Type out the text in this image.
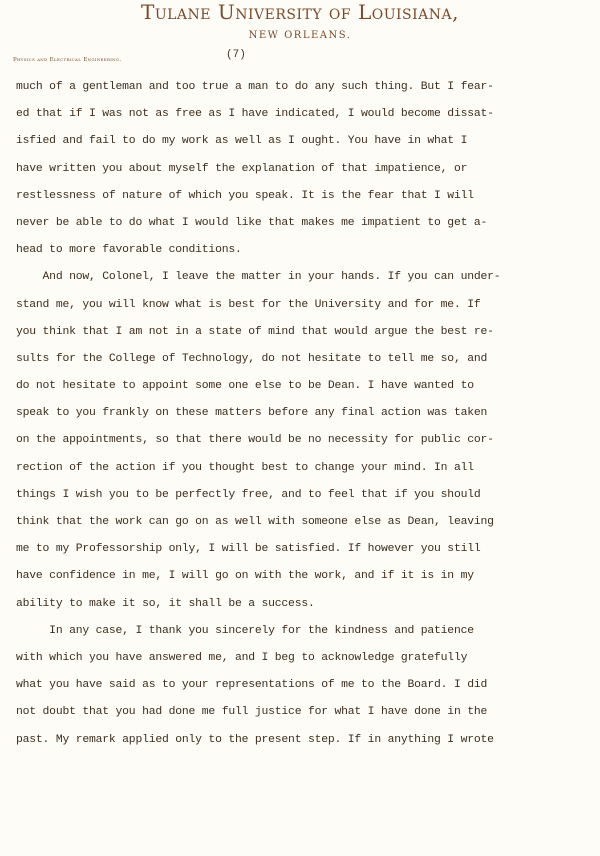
Tulane University of Louisiana,
NEW ORLEANS.
Physics and Electrical Engineering.	(7)
much of a gentleman and too true a man to do any such thing. But I fear-
ed that if I was not as free as I have indicated, I would become dissat-
isfied and fail to do my work as well as I ought. You have in what I
have written you about myself the explanation of that impatience, or
restlessness of nature of which you speak. It is the fear that I will
never be able to do what I would like that makes me impatient to get a-
head to more favorable conditions.
And now, Colonel, I leave the matter in your hands. If you can under-
stand me, you will know what is best for the University and for me. If
you think that I am not in a state of mind that would argue the best re-
sults for the College of Technology, do not hesitate to tell me so, and
do not hesitate to appoint some one else to be Dean. I have wanted to
speak to you frankly on these matters before any final action was taken
on the appointments, so that there would be no necessity for public cor-
rection of the action if you thought best to change your mind. In all
things I wish you to be perfectly free, and to feel that if you should
think that the work can go on as well with someone else as Dean, leaving
me to my Professorship only, I will be satisfied. If however you still
have confidence in me, I will go on with the work, and if it is in my
ability to make it so, it shall be a success.
In any case, I thank you sincerely for the kindness and patience
with which you have answered me, and I beg to acknowledge gratefully
what you have said as to your representations of me to the Board. I did
not doubt that you had done me full justice for what I have done in the
past. My remark applied only to the present step. If in anything I wrote
